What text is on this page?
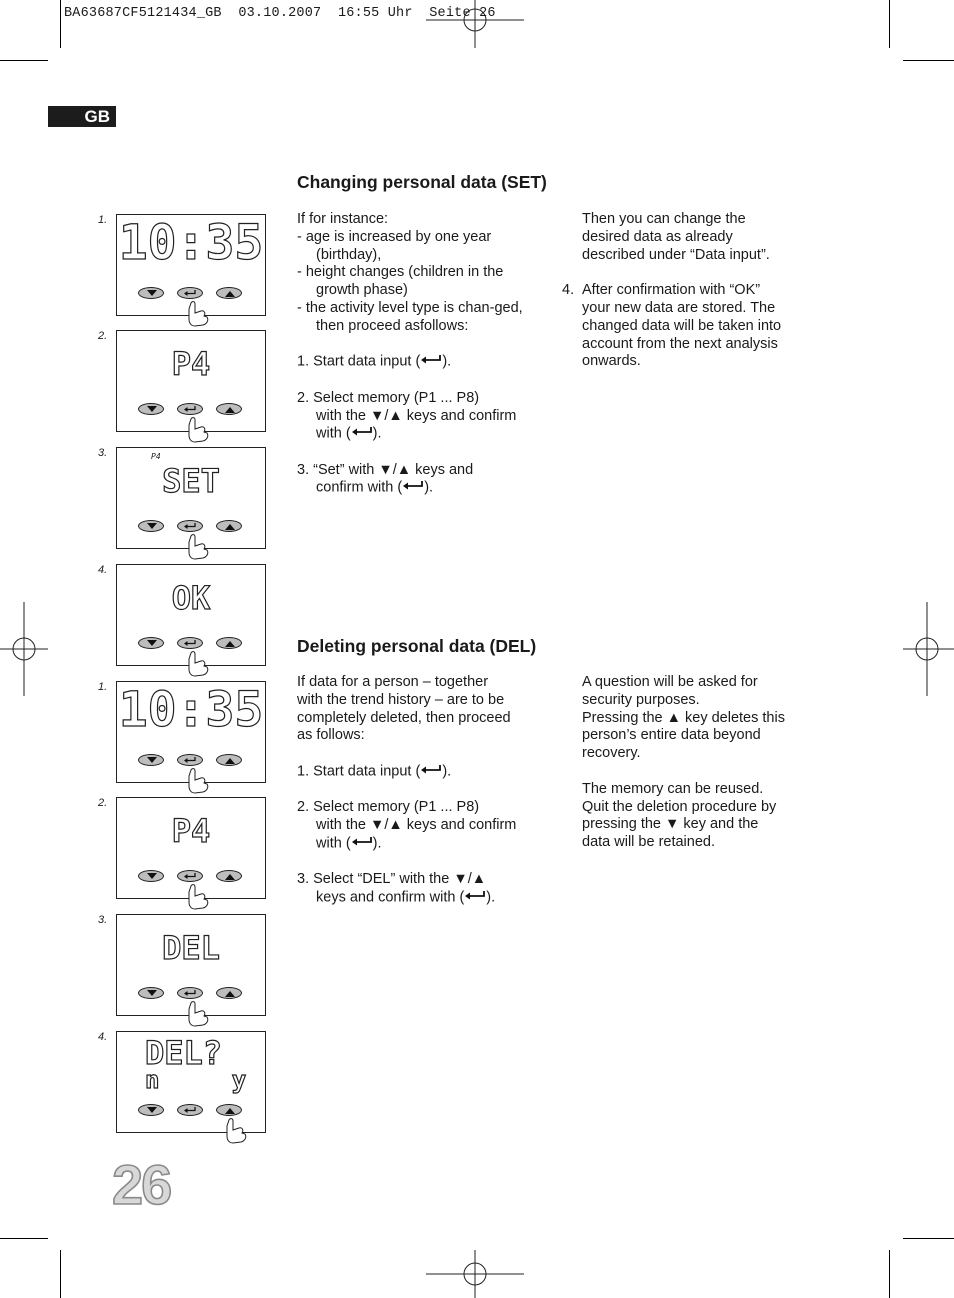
BA63687CF5121434_GB  03.10.2007  16:55 Uhr  Seite 26
GB
Changing personal data (SET)

If for instance:

- age is increased by one year (birthday),

- height changes (children in the growth phase)

- the activity level type is chan-ged, then proceed asfollows:

1. Start data input ( ).

2. Select memory (P1 ... P8)

with the ▼/▲ keys and confirm

with ( ).

3. “Set” with ▼/▲ keys and

confirm with ( ).

Then you can change the

desired data as already

described under “Data input”.

4. After confirmation with “OK”

your new data are stored. The

changed data will be taken into

account from the next analysis

onwards.

Deleting personal data (DEL)

If data for a person – together

with the trend history – are to be

completely deleted, then proceed

as follows:

1. Start data input ( ).

2. Select memory (P1 ... P8)

with the ▼/▲ keys and confirm

with ( ).

3. Select “DEL” with the ▼/▲

keys and confirm with ( ).

A question will be asked for

security purposes.

Pressing the ▲ key deletes this

person’s entire data beyond

recovery.

The memory can be reused.

Quit the deletion procedure by

pressing the ▼ key and the

data will be retained.

1. 10:35
2.
P4
3.	P4
SET
4.
OK
1. 10:35
2.
P4
3.
DEL
4. DEL?
n     y
26
